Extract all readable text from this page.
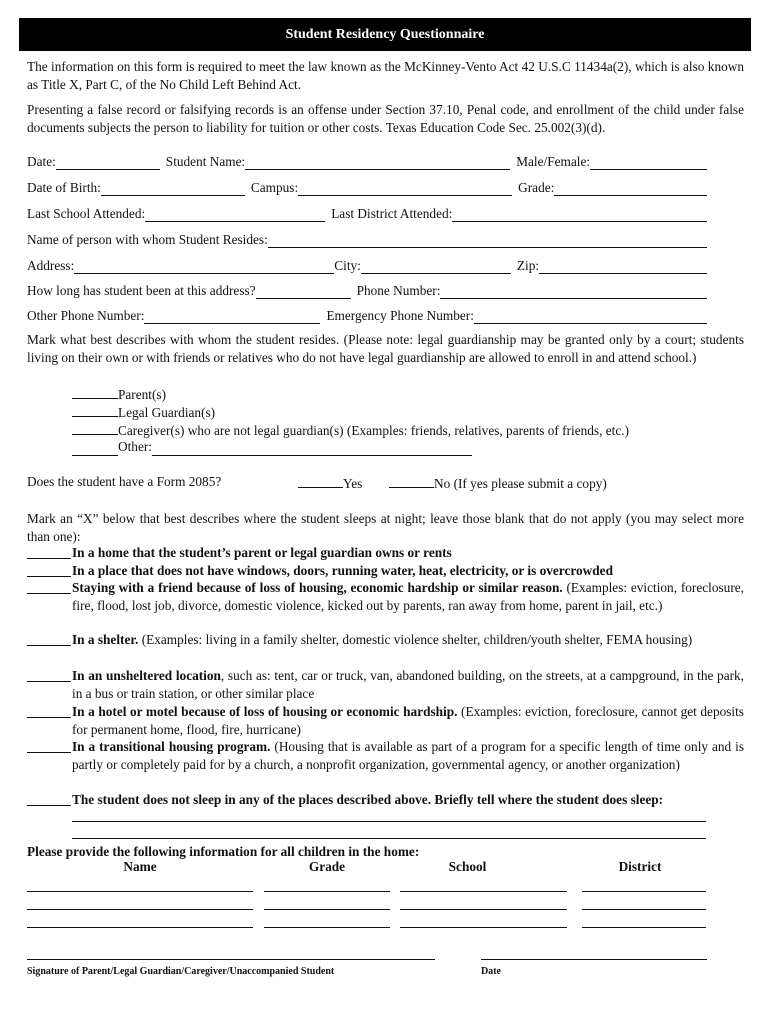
Student Residency Questionnaire
The information on this form is required to meet the law known as the McKinney-Vento Act 42 U.S.C 11434a(2), which is also known as Title X, Part C, of the No Child Left Behind Act.
Presenting a false record or falsifying records is an offense under Section 37.10, Penal code, and enrollment of the child under false documents subjects the person to liability for tuition or other costs. Texas Education Code Sec. 25.002(3)(d).
Date:	Student Name:	Male/Female:
Date of Birth:	Campus:	Grade:
Last School Attended:	Last District Attended:
Name of person with whom Student Resides:
Address:	City:	Zip:
How long has student been at this address?	Phone Number:
Other Phone Number:	Emergency Phone Number:
Mark what best describes with whom the student resides. (Please note: legal guardianship may be granted only by a court; students living on their own or with friends or relatives who do not have legal guardianship are allowed to enroll in and attend school.)
Parent(s)
Legal Guardian(s)
Caregiver(s) who are not legal guardian(s) (Examples: friends, relatives, parents of friends, etc.)
Other:
Does the student have a Form 2085?	Yes	No (If yes please submit a copy)
Mark an “X” below that best describes where the student sleeps at night; leave those blank that do not apply (you may select more than one):
In a home that the student’s parent or legal guardian owns or rents
In a place that does not have windows, doors, running water, heat, electricity, or is overcrowded
Staying with a friend because of loss of housing, economic hardship or similar reason. (Examples: eviction, foreclosure, fire, flood, lost job, divorce, domestic violence, kicked out by parents, ran away from home, parent in jail, etc.)
In a shelter. (Examples: living in a family shelter, domestic violence shelter, children/youth shelter, FEMA housing)
In an unsheltered location, such as: tent, car or truck, van, abandoned building, on the streets, at a campground, in the park, in a bus or train station, or other similar place
In a hotel or motel because of loss of housing or economic hardship. (Examples: eviction, foreclosure, cannot get deposits for permanent home, flood, fire, hurricane)
In a transitional housing program. (Housing that is available as part of a program for a specific length of time only and is partly or completely paid for by a church, a nonprofit organization, governmental agency, or another organization)
The student does not sleep in any of the places described above. Briefly tell where the student does sleep:
Please provide the following information for all children in the home:
Name	Grade	School	District
Signature of Parent/Legal Guardian/Caregiver/Unaccompanied Student	Date
